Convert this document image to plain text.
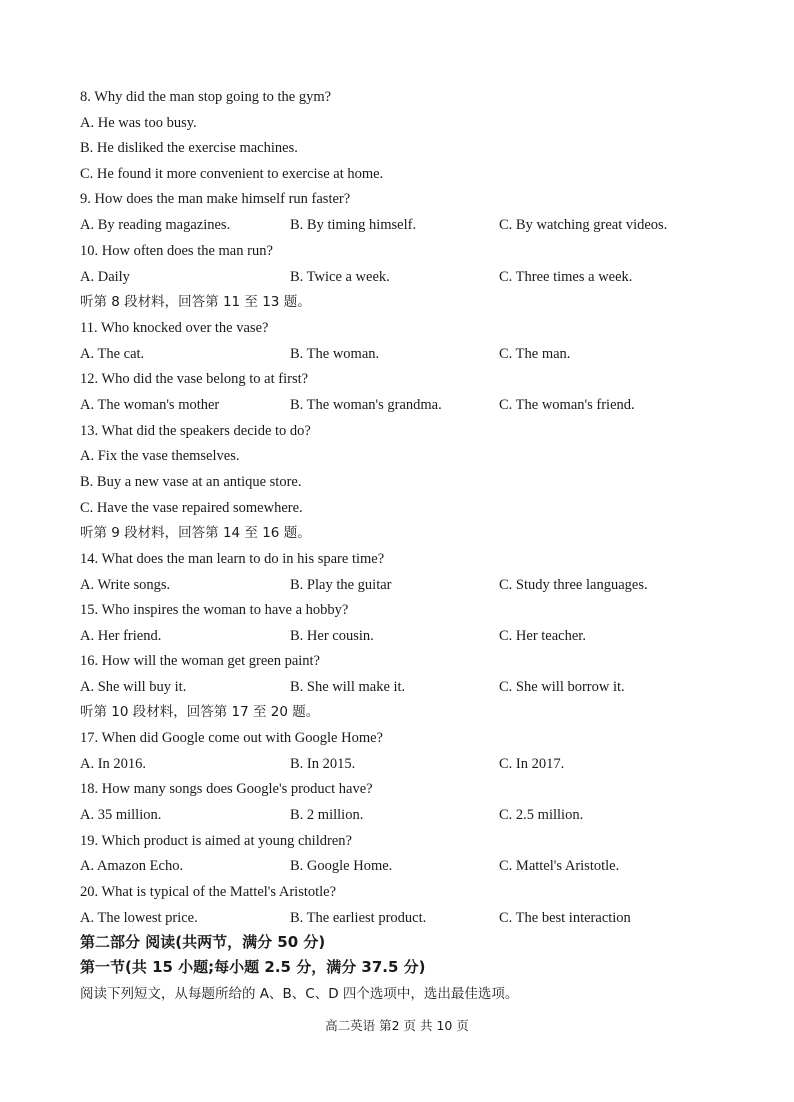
8. Why did the man stop going to the gym?
A. He was too busy.
B. He disliked the exercise machines.
C. He found it more convenient to exercise at home.
9. How does the man make himself run faster?
A. By reading magazines.	B. By timing himself.	C. By watching great videos.
10. How often does the man run?
A. Daily	B. Twice a week.	C. Three times a week.
听第 8 段材料，回答第 11 至 13 题。
11. Who knocked over the vase?
A. The cat.	B. The woman.	C. The man.
12. Who did the vase belong to at first?
A. The woman's mother	B. The woman's grandma.	C. The woman's friend.
13. What did the speakers decide to do?
A. Fix the vase themselves.
B. Buy a new vase at an antique store.
C. Have the vase repaired somewhere.
听第 9 段材料，回答第 14 至 16 题。
14. What does the man learn to do in his spare time?
A. Write songs.	B. Play the guitar	C. Study three languages.
15. Who inspires the woman to have a hobby?
A. Her friend.	B. Her cousin.	C. Her teacher.
16. How will the woman get green paint?
A. She will buy it.	B. She will make it.	C. She will borrow it.
听第 10 段材料，回答第 17 至 20 题。
17. When did Google come out with Google Home?
A. In 2016.	B. In 2015.	C. In 2017.
18. How many songs does Google's product have?
A. 35 million.	B. 2 million.	C. 2.5 million.
19. Which product is aimed at young children?
A. Amazon Echo.	B. Google Home.	C. Mattel's Aristotle.
20. What is typical of the Mattel's Aristotle?
A. The lowest price.	B. The earliest product.	C. The best interaction
第二部分 阅读(共两节，满分 50 分)
第一节(共 15 小题;每小题 2.5 分，满分 37.5 分)
阅读下列短文，从每题所给的 A、B、C、D 四个选项中，选出最佳选项。
高二英语 第2 页 共 10 页
